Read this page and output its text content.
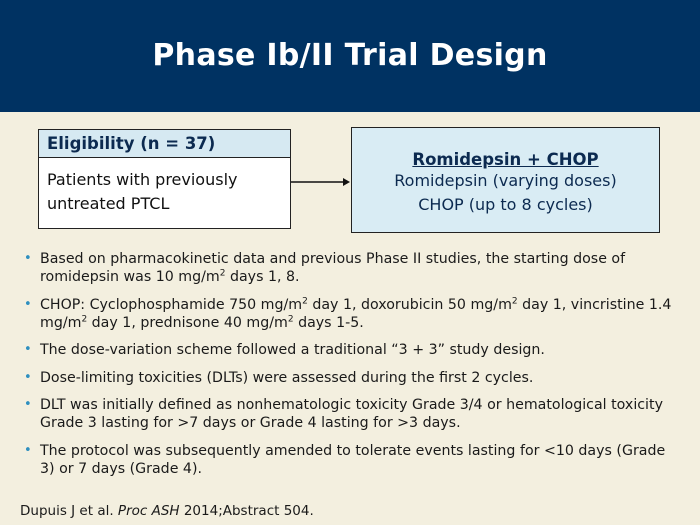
Phase Ib/II Trial Design
Eligibility (n = 37)
Patients with previously
untreated PTCL
Romidepsin + CHOP
Romidepsin (varying doses)
CHOP (up to 8 cycles)
• Based on pharmacokinetic data and previous Phase II studies, the starting dose of romidepsin was 10 $mg/m^2$ days 1, 8.
• CHOP: Cyclophosphamide 750 $mg/m^2$ day 1, doxorubicin 50 $mg/m^2$ day 1, vincristine 1.4 $mg/m^2$ day 1, prednisone 40 $mg/m^2$ days 1-5.
• The dose-variation scheme followed a traditional “3 + 3” study design.
• Dose-limiting toxicities (DLTs) were assessed during the first 2 cycles.
• DLT was initially defined as nonhematologic toxicity Grade 3/4 or hematological toxicity Grade 3 lasting for >7 days or Grade 4 lasting for >3 days.
• The protocol was subsequently amended to tolerate events lasting for <10 days (Grade 3) or 7 days (Grade 4).
Dupuis J et al. Proc ASH 2014;Abstract 504.
